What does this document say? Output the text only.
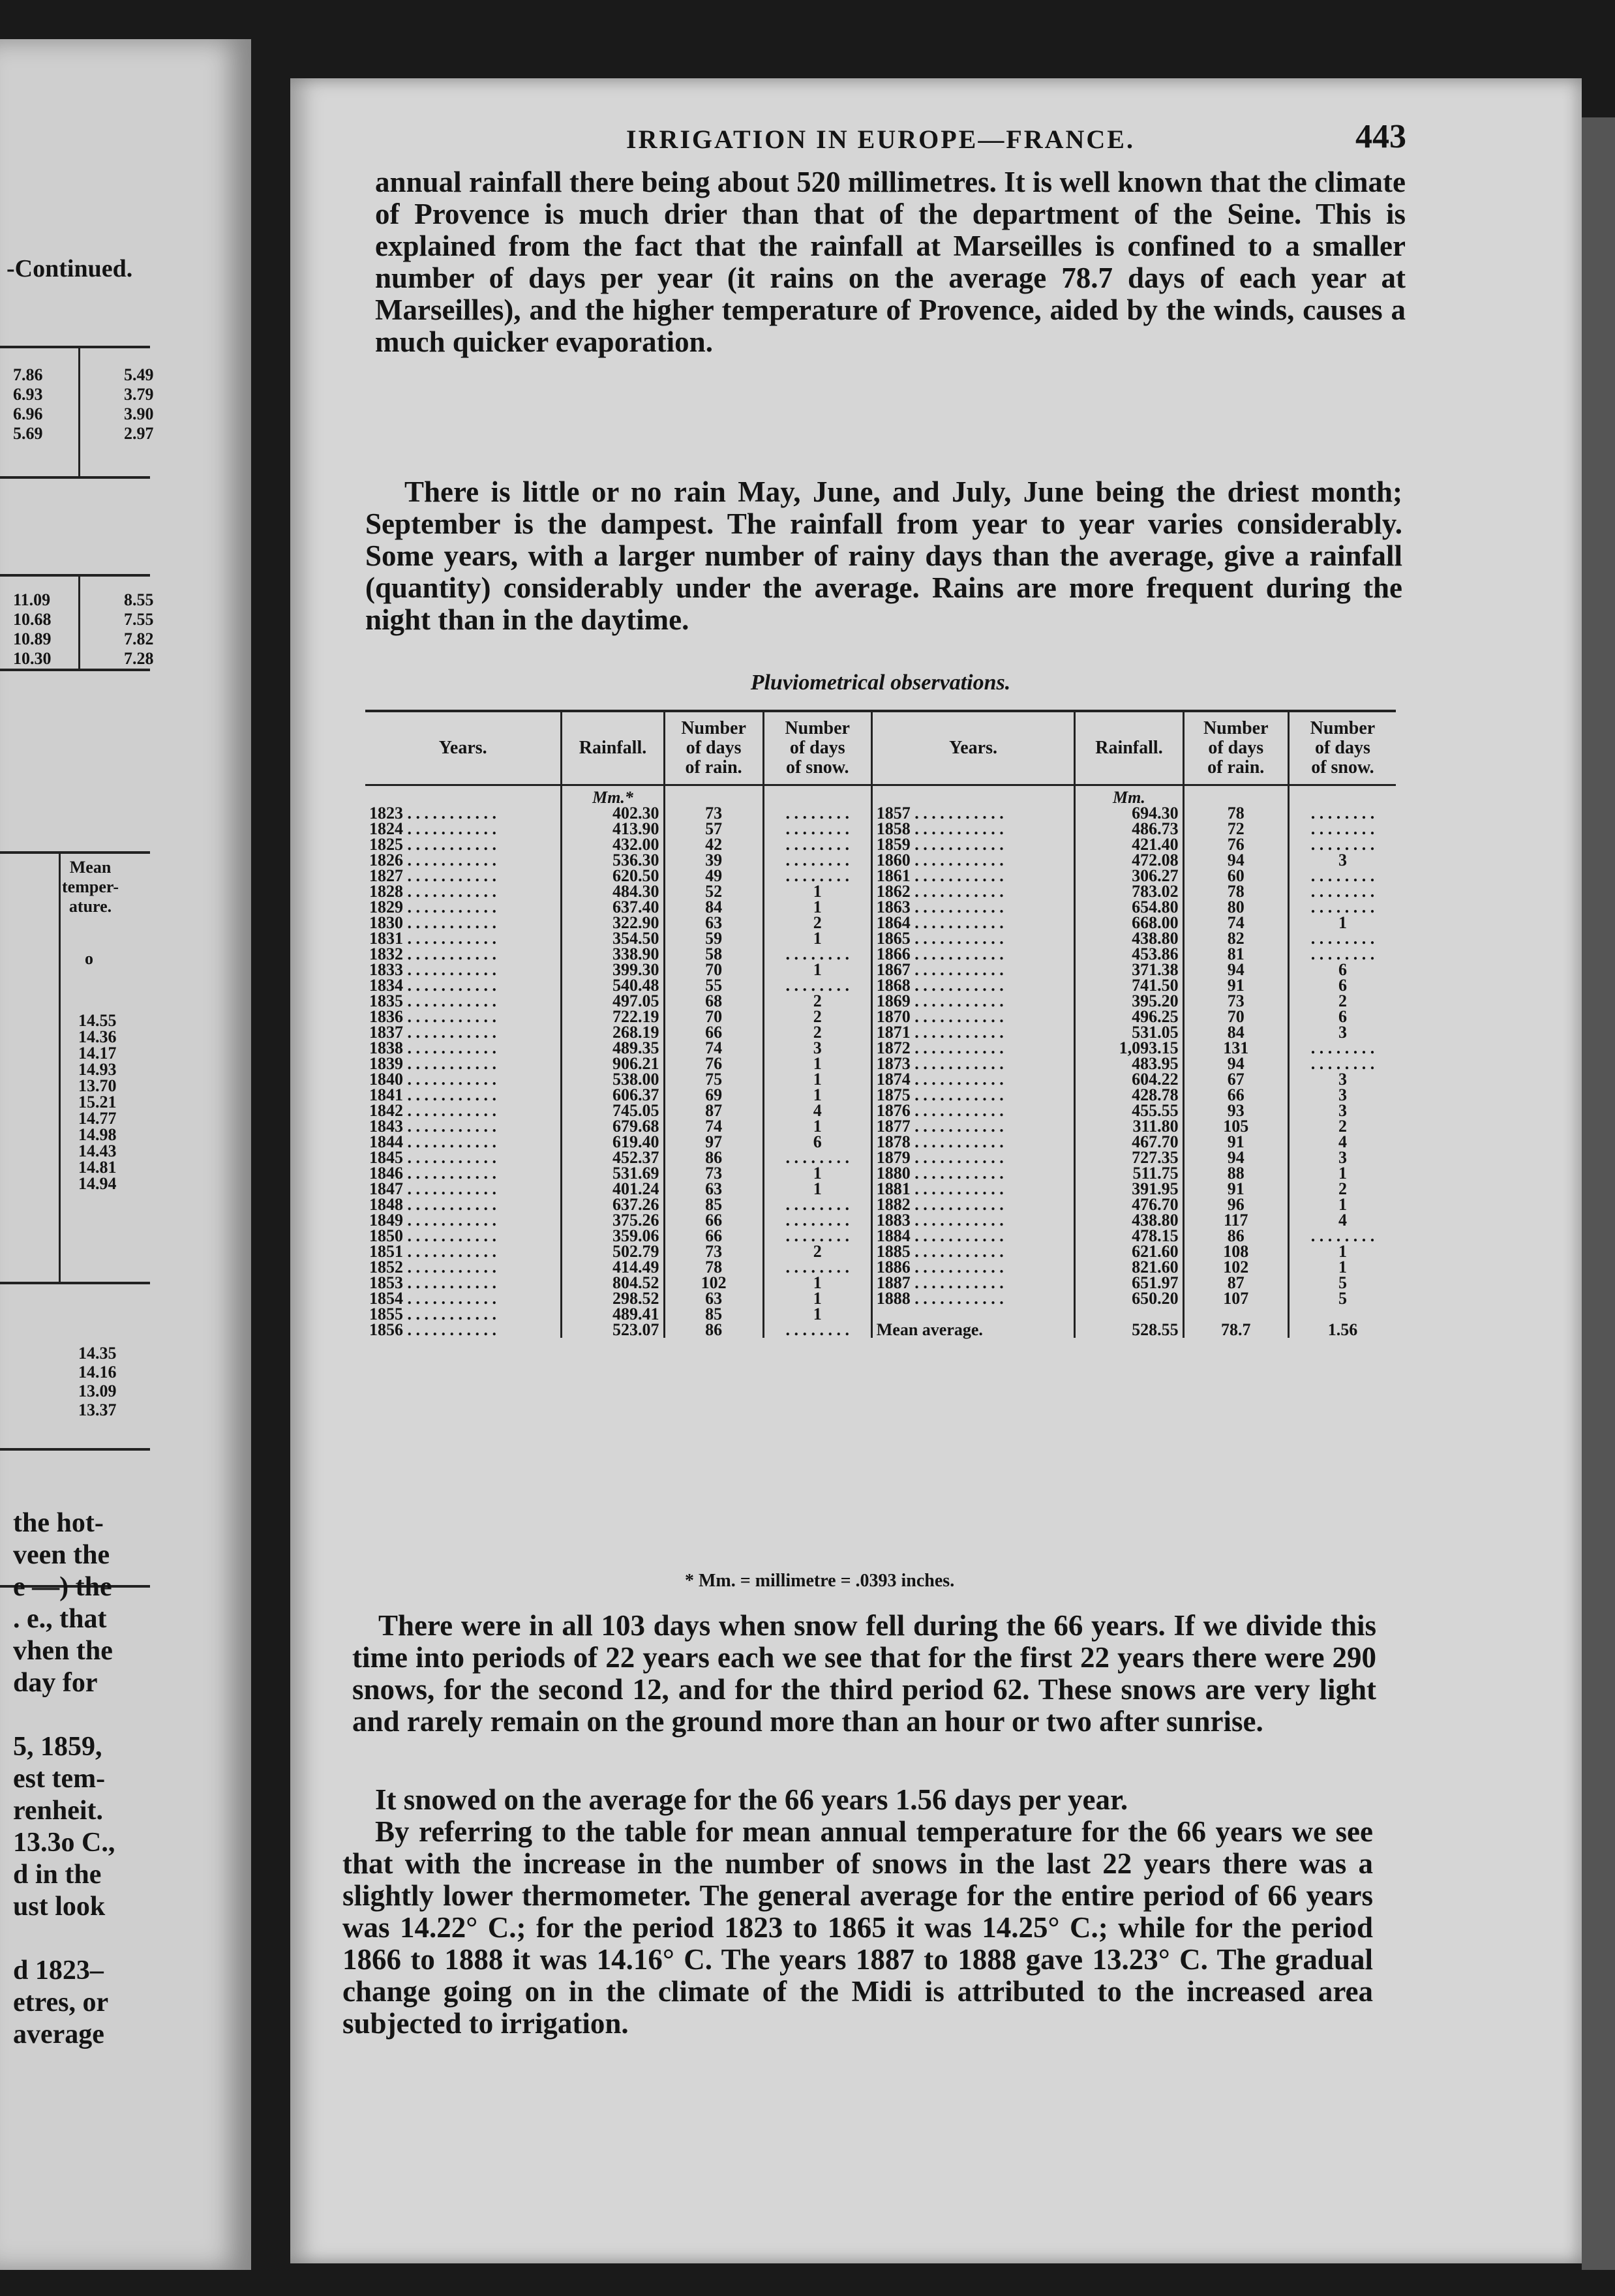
-Continued.
7.86	5.49
6.93	3.79
6.96	3.90
5.69	2.97
11.09	8.55
10.68	7.55
10.89	7.82
10.30	7.28
Mean
temper-
ature.
o
14.55
14.36
14.17
14.93
13.70
15.21
14.77
14.98
14.43
14.81
14.94
14.35
14.16
13.09
13.37
the hot-
veen the
e —) the
. e., that
vhen the
day for
5, 1859,
est tem-
renheit.
13.3o C.,
d in the
ust look
d 1823–
etres, or
average
IRRIGATION IN EUROPE—FRANCE.	443
annual rainfall there being about 520 millimetres. It is well known that the climate of Provence is much drier than that of the department of the Seine. This is explained from the fact that the rainfall at Marseilles is confined to a smaller number of days per year (it rains on the average 78.7 days of each year at Marseilles), and the higher temperature of Provence, aided by the winds, causes a much quicker evaporation.
There is little or no rain May, June, and July, June being the driest month; September is the dampest. The rainfall from year to year varies considerably. Some years, with a larger number of rainy days than the average, give a rainfall (quantity) considerably under the average. Rains are more frequent during the night than in the daytime.
Pluviometrical observations.
Years.	Rainfall.	Number
of days
of rain.	Number
of days
of snow.	Years.	Rainfall.	Number
of days
of rain.	Number
of days
of snow.
	Mm.*				Mm.		
1823 . . . . . . . . . . .	402.30	73	. . . . . . . .	1857 . . . . . . . . . . .	694.30	78	. . . . . . . .
1824 . . . . . . . . . . .	413.90	57	. . . . . . . .	1858 . . . . . . . . . . .	486.73	72	. . . . . . . .
1825 . . . . . . . . . . .	432.00	42	. . . . . . . .	1859 . . . . . . . . . . .	421.40	76	. . . . . . . .
1826 . . . . . . . . . . .	536.30	39	. . . . . . . .	1860 . . . . . . . . . . .	472.08	94	3
1827 . . . . . . . . . . .	620.50	49	. . . . . . . .	1861 . . . . . . . . . . .	306.27	60	. . . . . . . .
1828 . . . . . . . . . . .	484.30	52	1	1862 . . . . . . . . . . .	783.02	78	. . . . . . . .
1829 . . . . . . . . . . .	637.40	84	1	1863 . . . . . . . . . . .	654.80	80	. . . . . . . .
1830 . . . . . . . . . . .	322.90	63	2	1864 . . . . . . . . . . .	668.00	74	1
1831 . . . . . . . . . . .	354.50	59	1	1865 . . . . . . . . . . .	438.80	82	. . . . . . . .
1832 . . . . . . . . . . .	338.90	58	. . . . . . . .	1866 . . . . . . . . . . .	453.86	81	. . . . . . . .
1833 . . . . . . . . . . .	399.30	70	1	1867 . . . . . . . . . . .	371.38	94	6
1834 . . . . . . . . . . .	540.48	55	. . . . . . . .	1868 . . . . . . . . . . .	741.50	91	6
1835 . . . . . . . . . . .	497.05	68	2	1869 . . . . . . . . . . .	395.20	73	2
1836 . . . . . . . . . . .	722.19	70	2	1870 . . . . . . . . . . .	496.25	70	6
1837 . . . . . . . . . . .	268.19	66	2	1871 . . . . . . . . . . .	531.05	84	3
1838 . . . . . . . . . . .	489.35	74	3	1872 . . . . . . . . . . .	1,093.15	131	. . . . . . . .
1839 . . . . . . . . . . .	906.21	76	1	1873 . . . . . . . . . . .	483.95	94	. . . . . . . .
1840 . . . . . . . . . . .	538.00	75	1	1874 . . . . . . . . . . .	604.22	67	3
1841 . . . . . . . . . . .	606.37	69	1	1875 . . . . . . . . . . .	428.78	66	3
1842 . . . . . . . . . . .	745.05	87	4	1876 . . . . . . . . . . .	455.55	93	3
1843 . . . . . . . . . . .	679.68	74	1	1877 . . . . . . . . . . .	311.80	105	2
1844 . . . . . . . . . . .	619.40	97	6	1878 . . . . . . . . . . .	467.70	91	4
1845 . . . . . . . . . . .	452.37	86	. . . . . . . .	1879 . . . . . . . . . . .	727.35	94	3
1846 . . . . . . . . . . .	531.69	73	1	1880 . . . . . . . . . . .	511.75	88	1
1847 . . . . . . . . . . .	401.24	63	1	1881 . . . . . . . . . . .	391.95	91	2
1848 . . . . . . . . . . .	637.26	85	. . . . . . . .	1882 . . . . . . . . . . .	476.70	96	1
1849 . . . . . . . . . . .	375.26	66	. . . . . . . .	1883 . . . . . . . . . . .	438.80	117	4
1850 . . . . . . . . . . .	359.06	66	. . . . . . . .	1884 . . . . . . . . . . .	478.15	86	. . . . . . . .
1851 . . . . . . . . . . .	502.79	73	2	1885 . . . . . . . . . . .	621.60	108	1
1852 . . . . . . . . . . .	414.49	78	. . . . . . . .	1886 . . . . . . . . . . .	821.60	102	1
1853 . . . . . . . . . . .	804.52	102	1	1887 . . . . . . . . . . .	651.97	87	5
1854 . . . . . . . . . . .	298.52	63	1	1888 . . . . . . . . . . .	650.20	107	5
1855 . . . . . . . . . . .	489.41	85	1				
1856 . . . . . . . . . . .	523.07	86	. . . . . . . .	Mean average.	528.55	78.7	1.56
* Mm. = millimetre = .0393 inches.
There were in all 103 days when snow fell during the 66 years. If we divide this time into periods of 22 years each we see that for the first 22 years there were 290 snows, for the second 12, and for the third period 62. These snows are very light and rarely remain on the ground more than an hour or two after sunrise.
It snowed on the average for the 66 years 1.56 days per year.
By referring to the table for mean annual temperature for the 66 years we see that with the increase in the number of snows in the last 22 years there was a slightly lower thermometer. The general average for the entire period of 66 years was 14.22° C.; for the period 1823 to 1865 it was 14.25° C.; while for the period 1866 to 1888 it was 14.16° C. The years 1887 to 1888 gave 13.23° C. The gradual change going on in the climate of the Midi is attributed to the increased area subjected to irrigation.
